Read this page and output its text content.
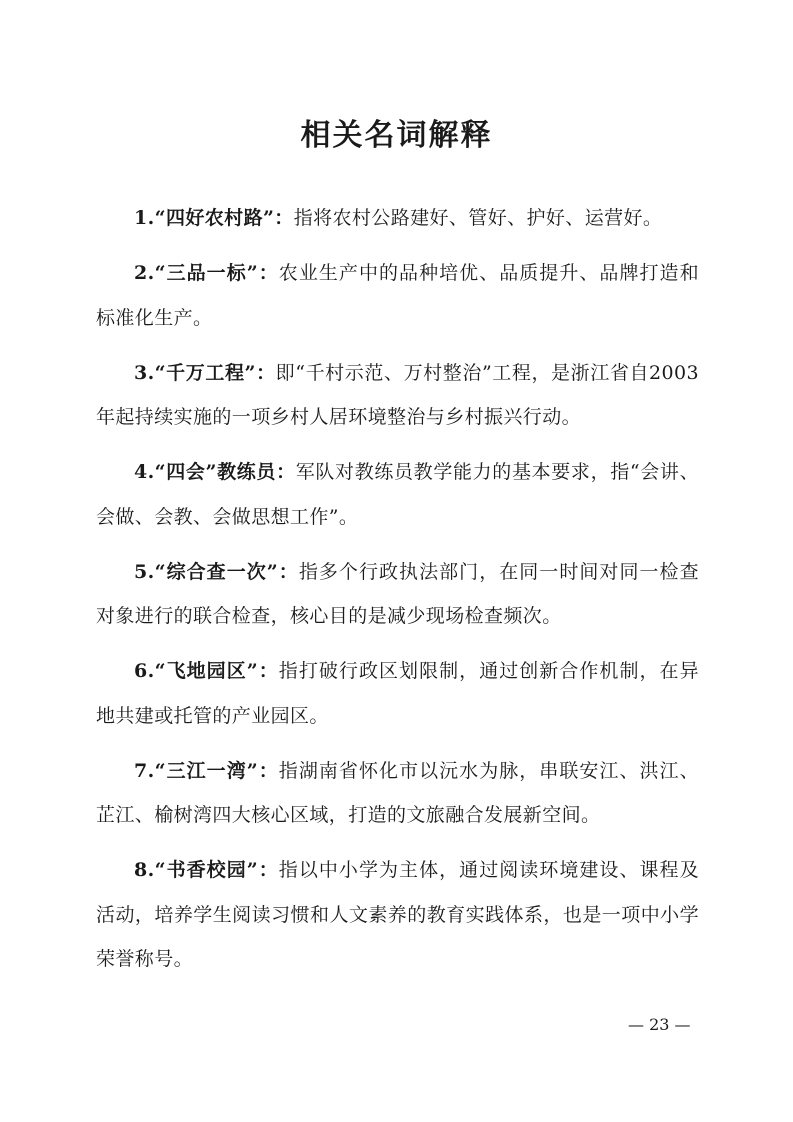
相关名词解释

1.“四好农村路”：指将农村公路建好、管好、护好、运营好。

2.“三品一标”：农业生产中的品种培优、品质提升、品牌打造和标准化生产。

3.“千万工程”：即“千村示范、万村整治”工程，是浙江省自2003年起持续实施的一项乡村人居环境整治与乡村振兴行动。

4.“四会”教练员：军队对教练员教学能力的基本要求，指“会讲、会做、会教、会做思想工作”。

5.“综合查一次”：指多个行政执法部门，在同一时间对同一检查对象进行的联合检查，核心目的是减少现场检查频次。

6.“飞地园区”：指打破行政区划限制，通过创新合作机制，在异地共建或托管的产业园区。

7.“三江一湾”：指湖南省怀化市以沅水为脉，串联安江、洪江、芷江、榆树湾四大核心区域，打造的文旅融合发展新空间。

8.“书香校园”：指以中小学为主体，通过阅读环境建设、课程及活动，培养学生阅读习惯和人文素养的教育实践体系，也是一项中小学荣誉称号。

— 23 —
